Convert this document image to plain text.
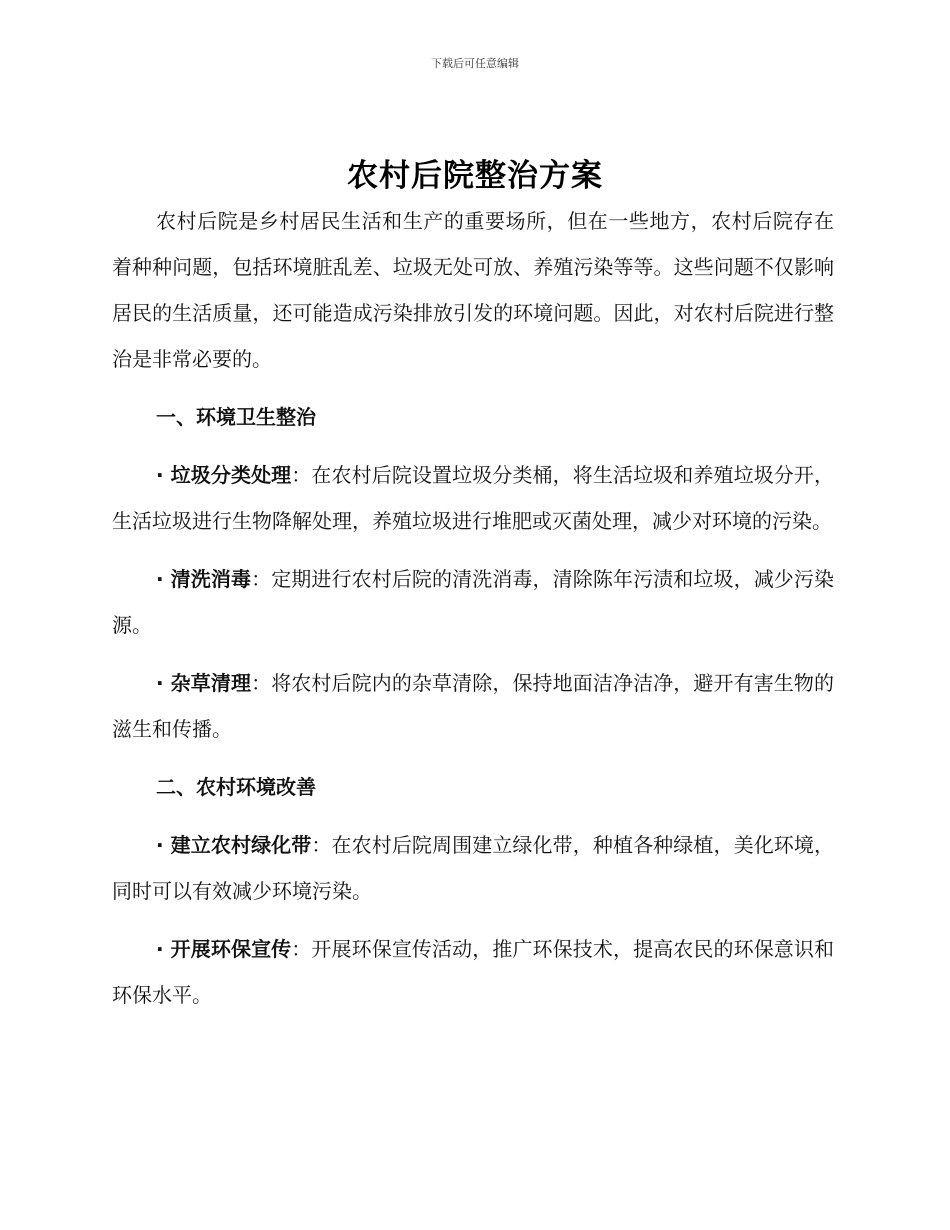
下载后可任意编辑
农村后院整治方案

农村后院是乡村居民生活和生产的重要场所，但在一些地方，农村后院存在着种种问题，包括环境脏乱差、垃圾无处可放、养殖污染等等。这些问题不仅影响居民的生活质量，还可能造成污染排放引发的环境问题。因此，对农村后院进行整治是非常必要的。

一、环境卫生整治

· 垃圾分类处理：在农村后院设置垃圾分类桶，将生活垃圾和养殖垃圾分开，生活垃圾进行生物降解处理，养殖垃圾进行堆肥或灭菌处理，减少对环境的污染。

· 清洗消毒：定期进行农村后院的清洗消毒，清除陈年污渍和垃圾，减少污染源。

· 杂草清理：将农村后院内的杂草清除，保持地面洁净洁净，避开有害生物的滋生和传播。

二、农村环境改善

· 建立农村绿化带：在农村后院周围建立绿化带，种植各种绿植，美化环境，同时可以有效减少环境污染。

· 开展环保宣传：开展环保宣传活动，推广环保技术，提高农民的环保意识和环保水平。
